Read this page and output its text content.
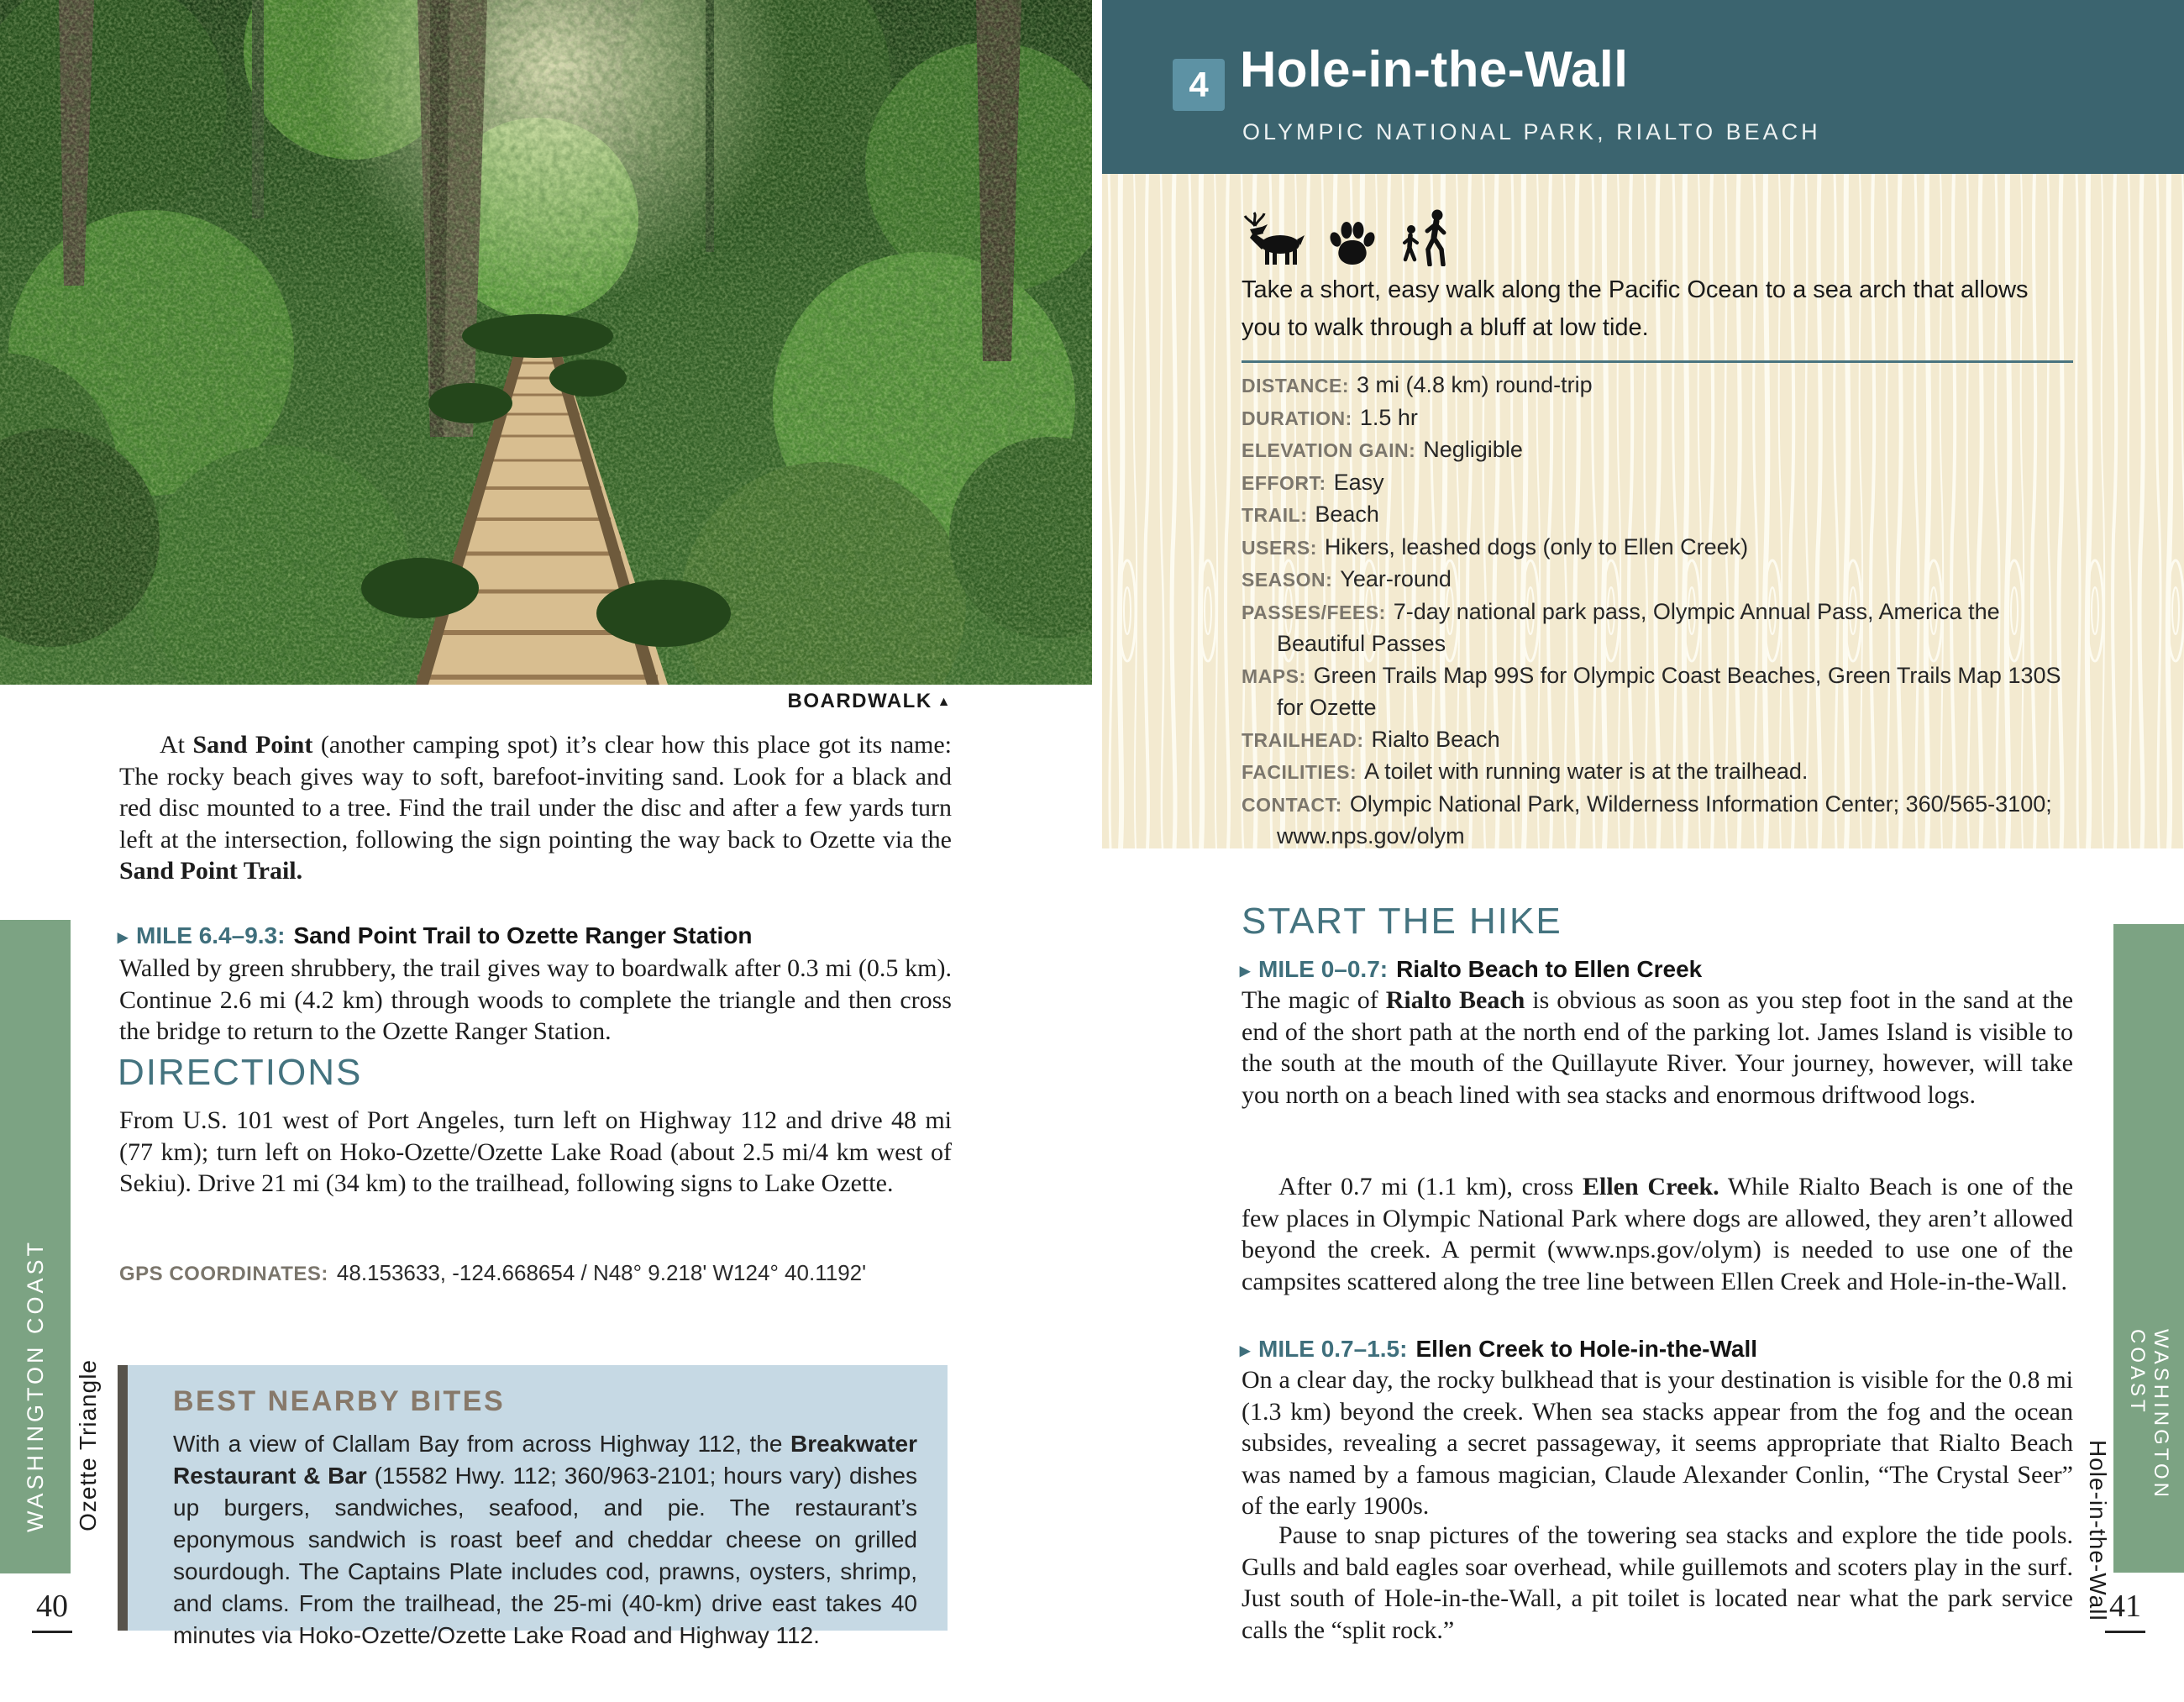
BOARDWALK ▲

At Sand Point (another camping spot) it’s clear how this place got its name: The rocky beach gives way to soft, barefoot-inviting sand. Look for a black and red disc mounted to a tree. Find the trail under the disc and after a few yards turn left at the intersection, following the sign pointing the way back to Ozette via the Sand Point Trail.

▸ MILE 6.4–9.3: Sand Point Trail to Ozette Ranger Station

Walled by green shrubbery, the trail gives way to boardwalk after 0.3 mi (0.5 km). Continue 2.6 mi (4.2 km) through woods to complete the triangle and then cross the bridge to return to the Ozette Ranger Station.

DIRECTIONS

From U.S. 101 west of Port Angeles, turn left on Highway 112 and drive 48 mi (77 km); turn left on Hoko-Ozette/Ozette Lake Road (about 2.5 mi/4 km west of Sekiu). Drive 21 mi (34 km) to the trailhead, following signs to Lake Ozette.

GPS COORDINATES: 48.153633, -124.668654 / N48° 9.218' W124° 40.1192'
BEST NEARBY BITES
With a view of Clallam Bay from across Highway 112, the Breakwater Restaurant & Bar (15582 Hwy. 112; 360/963-2101; hours vary) dishes up burgers, sandwiches, seafood, and pie. The restaurant’s eponymous sandwich is roast beef and cheddar cheese on grilled sourdough. The Captains Plate includes cod, prawns, oysters, shrimp, and clams. From the trailhead, the 25-mi (40-km) drive east takes 40 minutes via Hoko-Ozette/Ozette Lake Road and Highway 112.
WASHINGTON COAST Ozette Triangle
40
4 Hole-in-the-Wall
OLYMPIC NATIONAL PARK, RIALTO BEACH
Take a short, easy walk along the Pacific Ocean to a sea arch that allows you to walk through a bluff at low tide.
DISTANCE: 3 mi (4.8 km) round-trip
DURATION: 1.5 hr
ELEVATION GAIN: Negligible
EFFORT: Easy
TRAIL: Beach
USERS: Hikers, leashed dogs (only to Ellen Creek)
SEASON: Year-round
PASSES/FEES: 7-day national park pass, Olympic Annual Pass, America the Beautiful Passes
MAPS: Green Trails Map 99S for Olympic Coast Beaches, Green Trails Map 130S for Ozette
TRAILHEAD: Rialto Beach
FACILITIES: A toilet with running water is at the trailhead.
CONTACT: Olympic National Park, Wilderness Information Center; 360/565-3100; www.nps.gov/olym
START THE HIKE
▸ MILE 0–0.7: Rialto Beach to Ellen Creek

The magic of Rialto Beach is obvious as soon as you step foot in the sand at the end of the short path at the north end of the parking lot. James Island is visible to the south at the mouth of the Quillayute River. Your journey, however, will take you north on a beach lined with sea stacks and enormous driftwood logs.

After 0.7 mi (1.1 km), cross Ellen Creek. While Rialto Beach is one of the few places in Olympic National Park where dogs are allowed, they aren’t allowed beyond the creek. A permit (www.nps.gov/olym) is needed to use one of the campsites scattered along the tree line between Ellen Creek and Hole-in-the-Wall.

▸ MILE 0.7–1.5: Ellen Creek to Hole-in-the-Wall

On a clear day, the rocky bulkhead that is your destination is visible for the 0.8 mi (1.3 km) beyond the creek. When sea stacks appear from the fog and the ocean subsides, revealing a secret passageway, it seems appropriate that Rialto Beach was named by a famous magician, Claude Alexander Conlin, “The Crystal Seer” of the early 1900s.

Pause to snap pictures of the towering sea stacks and explore the tide pools. Gulls and bald eagles soar overhead, while guillemots and scoters play in the surf. Just south of Hole-in-the-Wall, a pit toilet is located near what the park service calls the “split rock.”

WASHINGTON COAST
Hole-in-the-Wall
41
